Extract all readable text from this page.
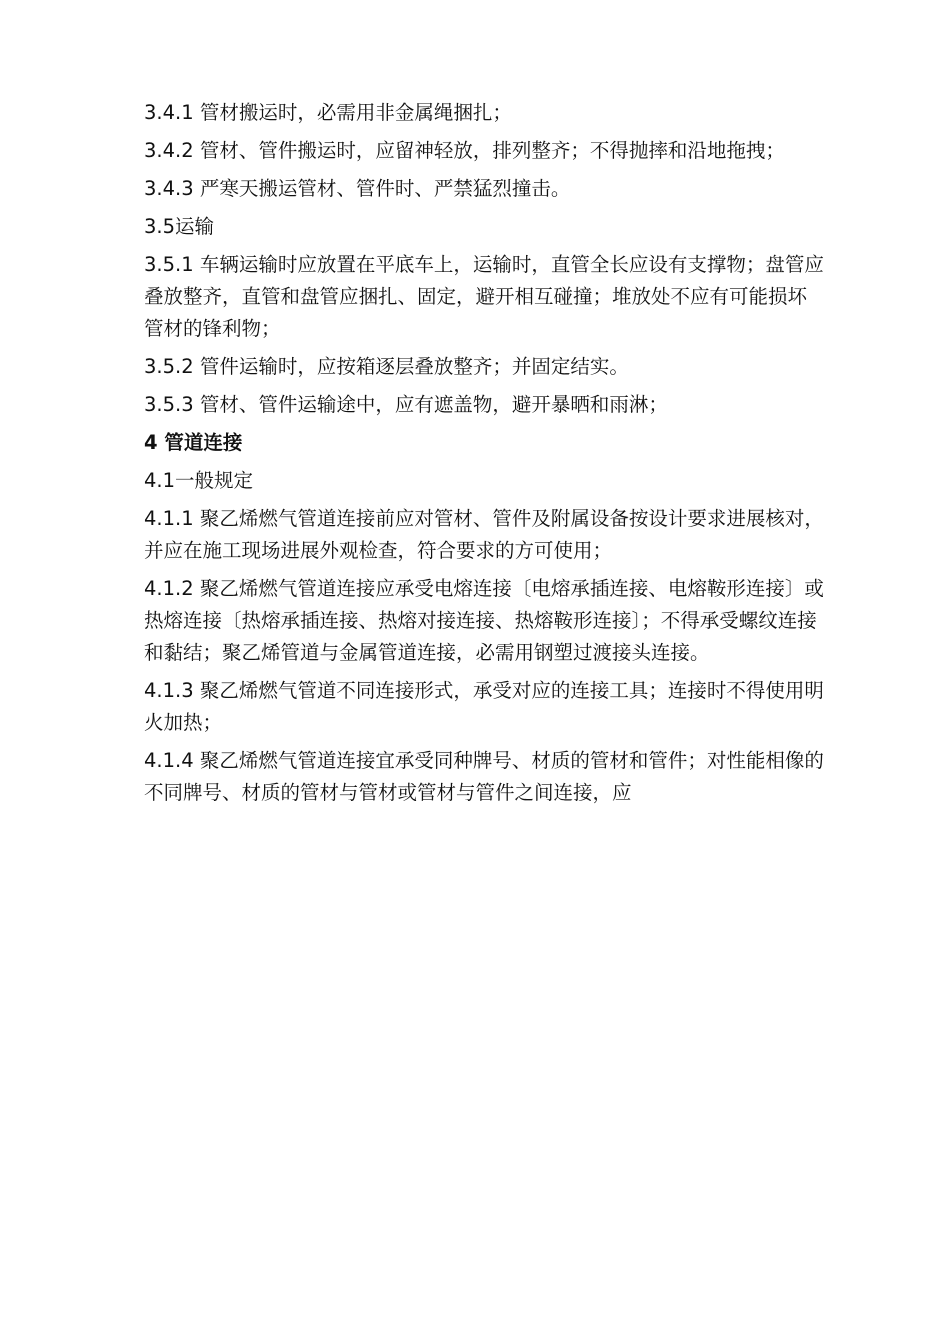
3.4.1 管材搬运时，必需用非金属绳捆扎；

3.4.2 管材、管件搬运时，应留神轻放，排列整齐；不得抛摔和沿地拖拽；

3.4.3 严寒天搬运管材、管件时、严禁猛烈撞击。

3.5运输

3.5.1 车辆运输时应放置在平底车上，运输时，直管全长应设有支撑物；盘管应叠放整齐，直管和盘管应捆扎、固定，避开相互碰撞；堆放处不应有可能损坏管材的锋利物；

3.5.2 管件运输时，应按箱逐层叠放整齐；并固定结实。

3.5.3 管材、管件运输途中，应有遮盖物，避开暴晒和雨淋；

4 管道连接

4.1一般规定

4.1.1 聚乙烯燃气管道连接前应对管材、管件及附属设备按设计要求进展核对，并应在施工现场进展外观检查，符合要求的方可使用；

4.1.2 聚乙烯燃气管道连接应承受电熔连接〔电熔承插连接、电熔鞍形连接〕或热熔连接〔热熔承插连接、热熔对接连接、热熔鞍形连接〕；不得承受螺纹连接和黏结；聚乙烯管道与金属管道连接，必需用钢塑过渡接头连接。

4.1.3 聚乙烯燃气管道不同连接形式，承受对应的连接工具；连接时不得使用明火加热；

4.1.4 聚乙烯燃气管道连接宜承受同种牌号、材质的管材和管件；对性能相像的不同牌号、材质的管材与管材或管材与管件之间连接，应
